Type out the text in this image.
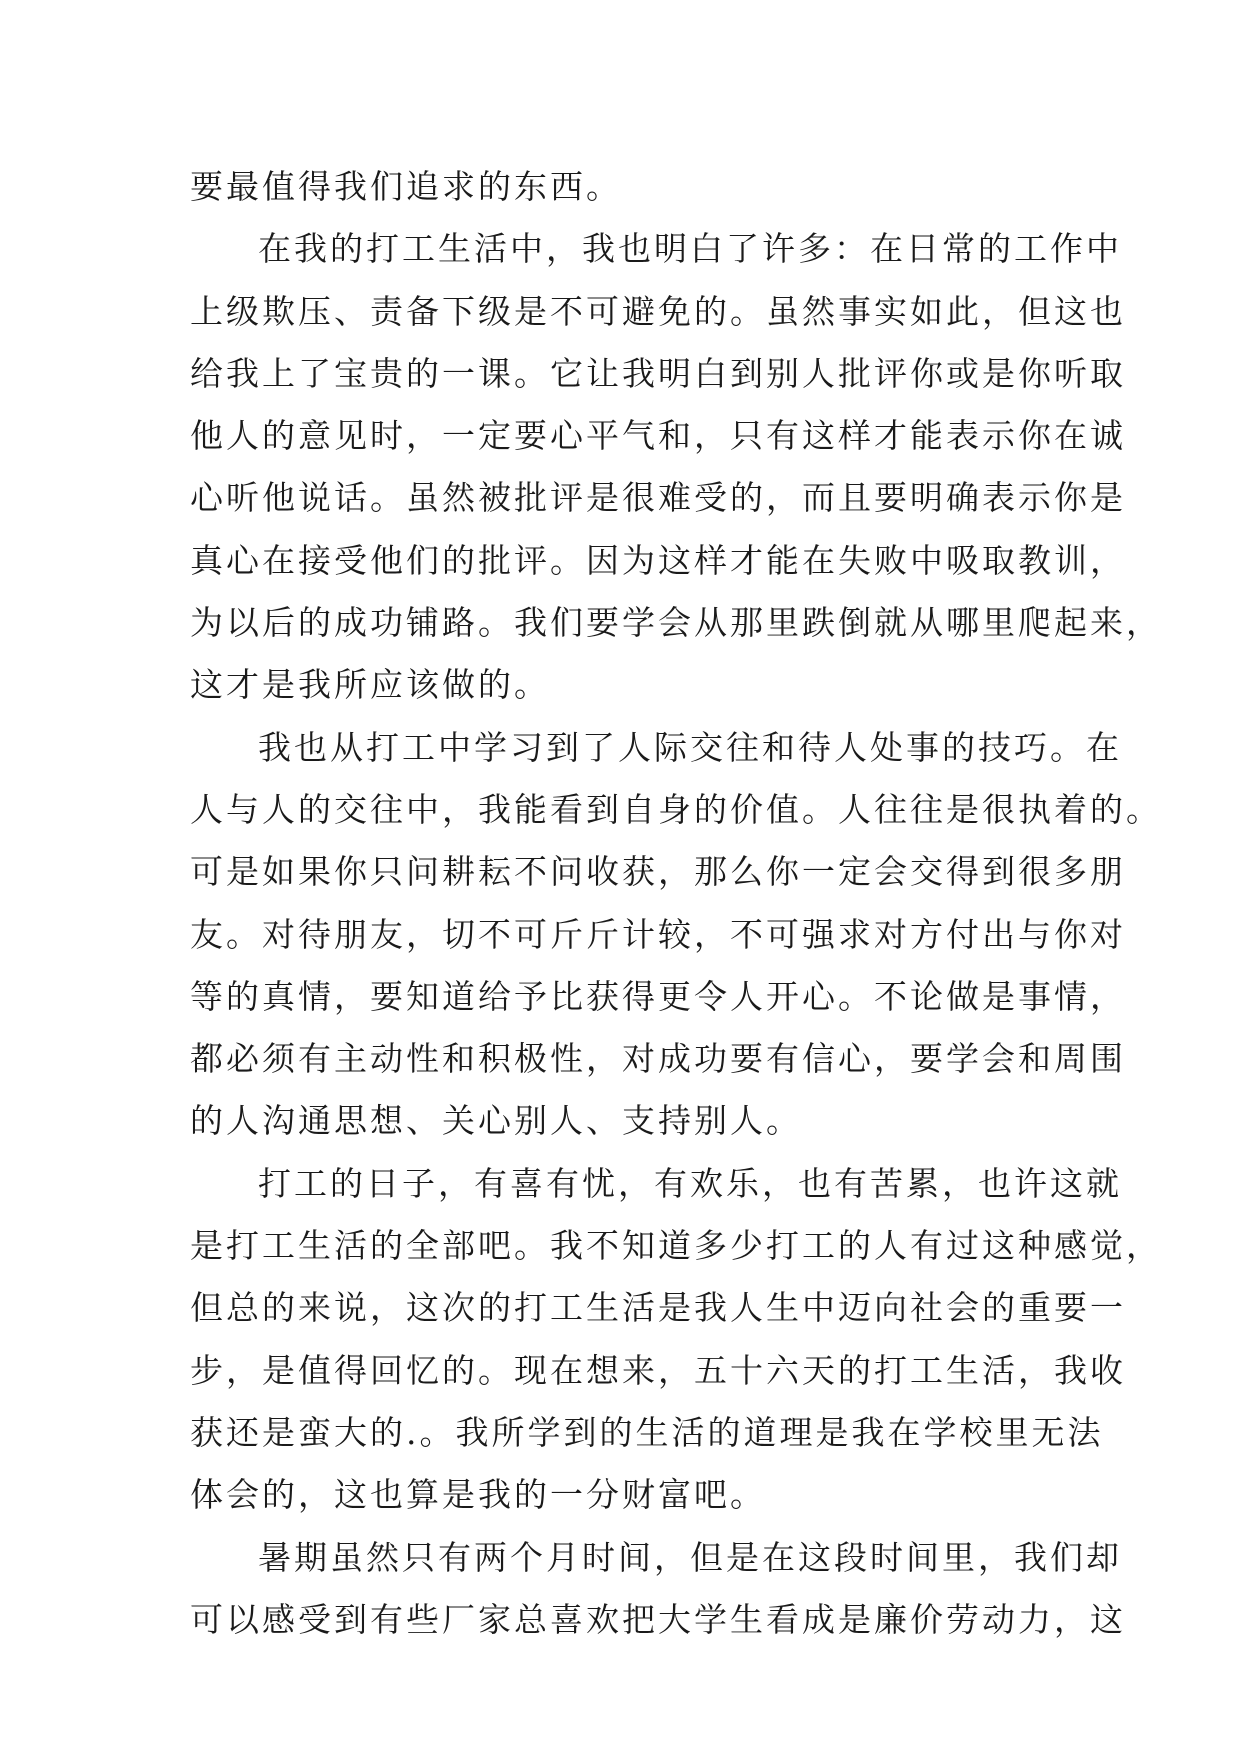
要最值得我们追求的东西。
在我的打工生活中，我也明白了许多：在日常的工作中
上级欺压、责备下级是不可避免的。虽然事实如此，但这也
给我上了宝贵的一课。它让我明白到别人批评你或是你听取
他人的意见时，一定要心平气和，只有这样才能表示你在诚
心听他说话。虽然被批评是很难受的，而且要明确表示你是
真心在接受他们的批评。因为这样才能在失败中吸取教训，
为以后的成功铺路。我们要学会从那里跌倒就从哪里爬起来，
这才是我所应该做的。
我也从打工中学习到了人际交往和待人处事的技巧。在
人与人的交往中，我能看到自身的价值。人往往是很执着的。
可是如果你只问耕耘不问收获，那么你一定会交得到很多朋
友。对待朋友，切不可斤斤计较，不可强求对方付出与你对
等的真情，要知道给予比获得更令人开心。不论做是事情，
都必须有主动性和积极性，对成功要有信心，要学会和周围
的人沟通思想、关心别人、支持别人。
打工的日子，有喜有忧，有欢乐，也有苦累，也许这就
是打工生活的全部吧。我不知道多少打工的人有过这种感觉，
但总的来说，这次的打工生活是我人生中迈向社会的重要一
步，是值得回忆的。现在想来，五十六天的打工生活，我收
获还是蛮大的.。我所学到的生活的道理是我在学校里无法
体会的，这也算是我的一分财富吧。
暑期虽然只有两个月时间，但是在这段时间里，我们却
可以感受到有些厂家总喜欢把大学生看成是廉价劳动力，这
